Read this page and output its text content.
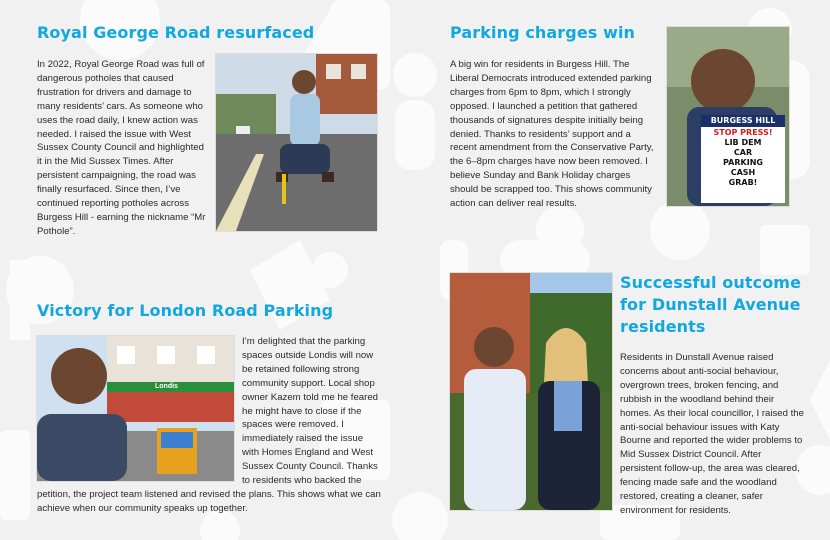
Royal George Road resurfaced

In 2022, Royal George Road was full of dangerous potholes that caused frustration for drivers and damage to many residents’ cars. As someone who uses the road daily, I knew action was needed. I raised the issue with West Sussex County Council and highlighted it in the Mid Sussex Times. After persistent campaigning, the road was finally resurfaced. Since then, I’ve continued reporting potholes across Burgess Hill - earning the nickname “Mr Pothole”.

Parking charges win

A big win for residents in Burgess Hill. The Liberal Democrats introduced extended parking charges from 6pm to 8pm, which I strongly opposed. I launched a petition that gathered thousands of signatures despite initially being denied. Thanks to residents’ support and a recent amendment from the Conservative Party, the 6–8pm charges have now been removed. I believe Sunday and Bank Holiday charges should be scrapped too. This shows community action can deliver real results.

BURGESS HILL
STOP PRESS!
LIB DEM
CAR
PARKING
CASH
GRAB!
Victory for London Road Parking
Londis

I’m delighted that the parking spaces outside Londis will now be retained following strong community support. Local shop owner Kazem told me he feared he might have to close if the spaces were removed. I immediately raised the issue with Homes England and West Sussex County Council. Thanks to residents who backed the petition, the project team listened and revised the plans. This shows what we can achieve when our community speaks up together.

Successful outcome
for Dunstall Avenue
residents

Residents in Dunstall Avenue raised concerns about anti-social behaviour, overgrown trees, broken fencing, and rubbish in the woodland behind their homes. As their local councillor, I raised the anti-social behaviour issues with Katy Bourne and reported the wider problems to Mid Sussex District Council. After persistent follow-up, the area was cleared, fencing made safe and the woodland restored, creating a cleaner, safer environment for residents.
